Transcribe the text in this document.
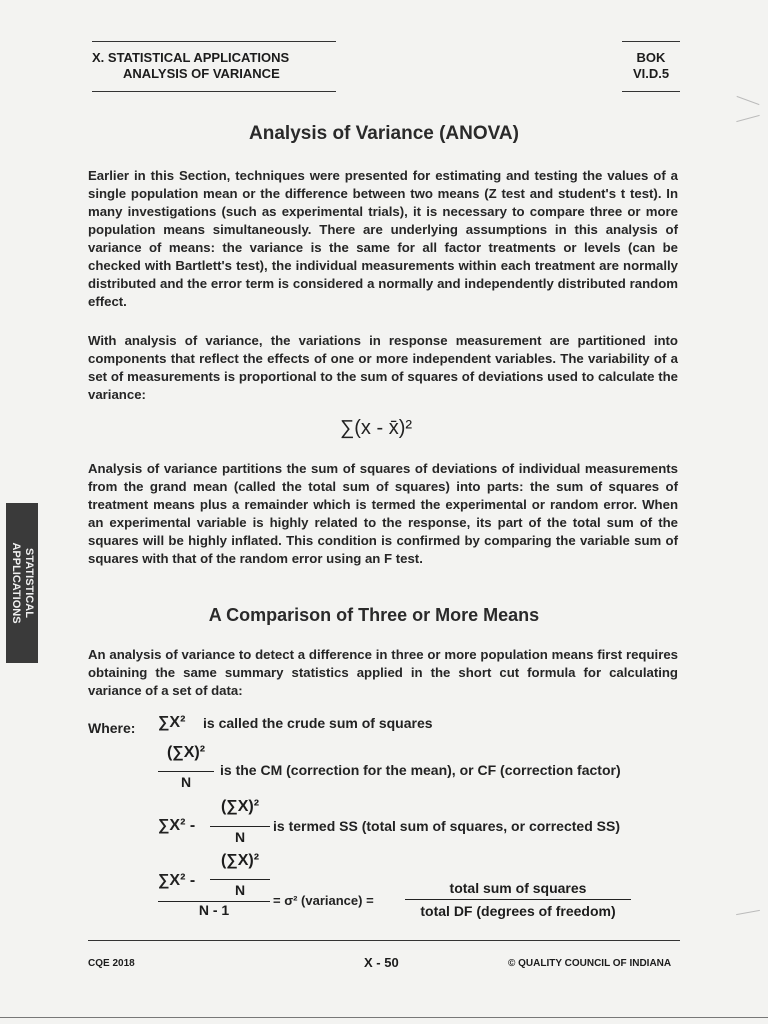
X. STATISTICAL APPLICATIONS
ANALYSIS OF VARIANCE
BOK
VI.D.5
STATISTICAL
APPLICATIONS
Analysis of Variance (ANOVA)
Earlier in this Section, techniques were presented for estimating and testing the values of a single population mean or the difference between two means (Z test and student's t test). In many investigations (such as experimental trials), it is necessary to compare three or more population means simultaneously. There are underlying assumptions in this analysis of variance of means: the variance is the same for all factor treatments or levels (can be checked with Bartlett's test), the individual measurements within each treatment are normally distributed and the error term is considered a normally and independently distributed random effect.
With analysis of variance, the variations in response measurement are partitioned into components that reflect the effects of one or more independent variables. The variability of a set of measurements is proportional to the sum of squares of deviations used to calculate the variance:
∑(x - x̄)²
Analysis of variance partitions the sum of squares of deviations of individual measurements from the grand mean (called the total sum of squares) into parts: the sum of squares of treatment means plus a remainder which is termed the experimental or random error. When an experimental variable is highly related to the response, its part of the total sum of the squares will be highly inflated. This condition is confirmed by comparing the variable sum of squares with that of the random error using an F test.
A Comparison of Three or More Means
An analysis of variance to detect a difference in three or more population means first requires obtaining the same summary statistics applied in the short cut formula for calculating variance of a set of data:
Where: ∑X² is called the crude sum of squares
(∑X)²
N
is the CM (correction for the mean), or CF (correction factor)
∑X² -
(∑X)²
N
is termed SS (total sum of squares, or corrected SS)
∑X² -
(∑X)²
N
N - 1
= σ² (variance) =
total sum of squares
total DF (degrees of freedom)
CQE 2018	X - 50	© QUALITY COUNCIL OF INDIANA
